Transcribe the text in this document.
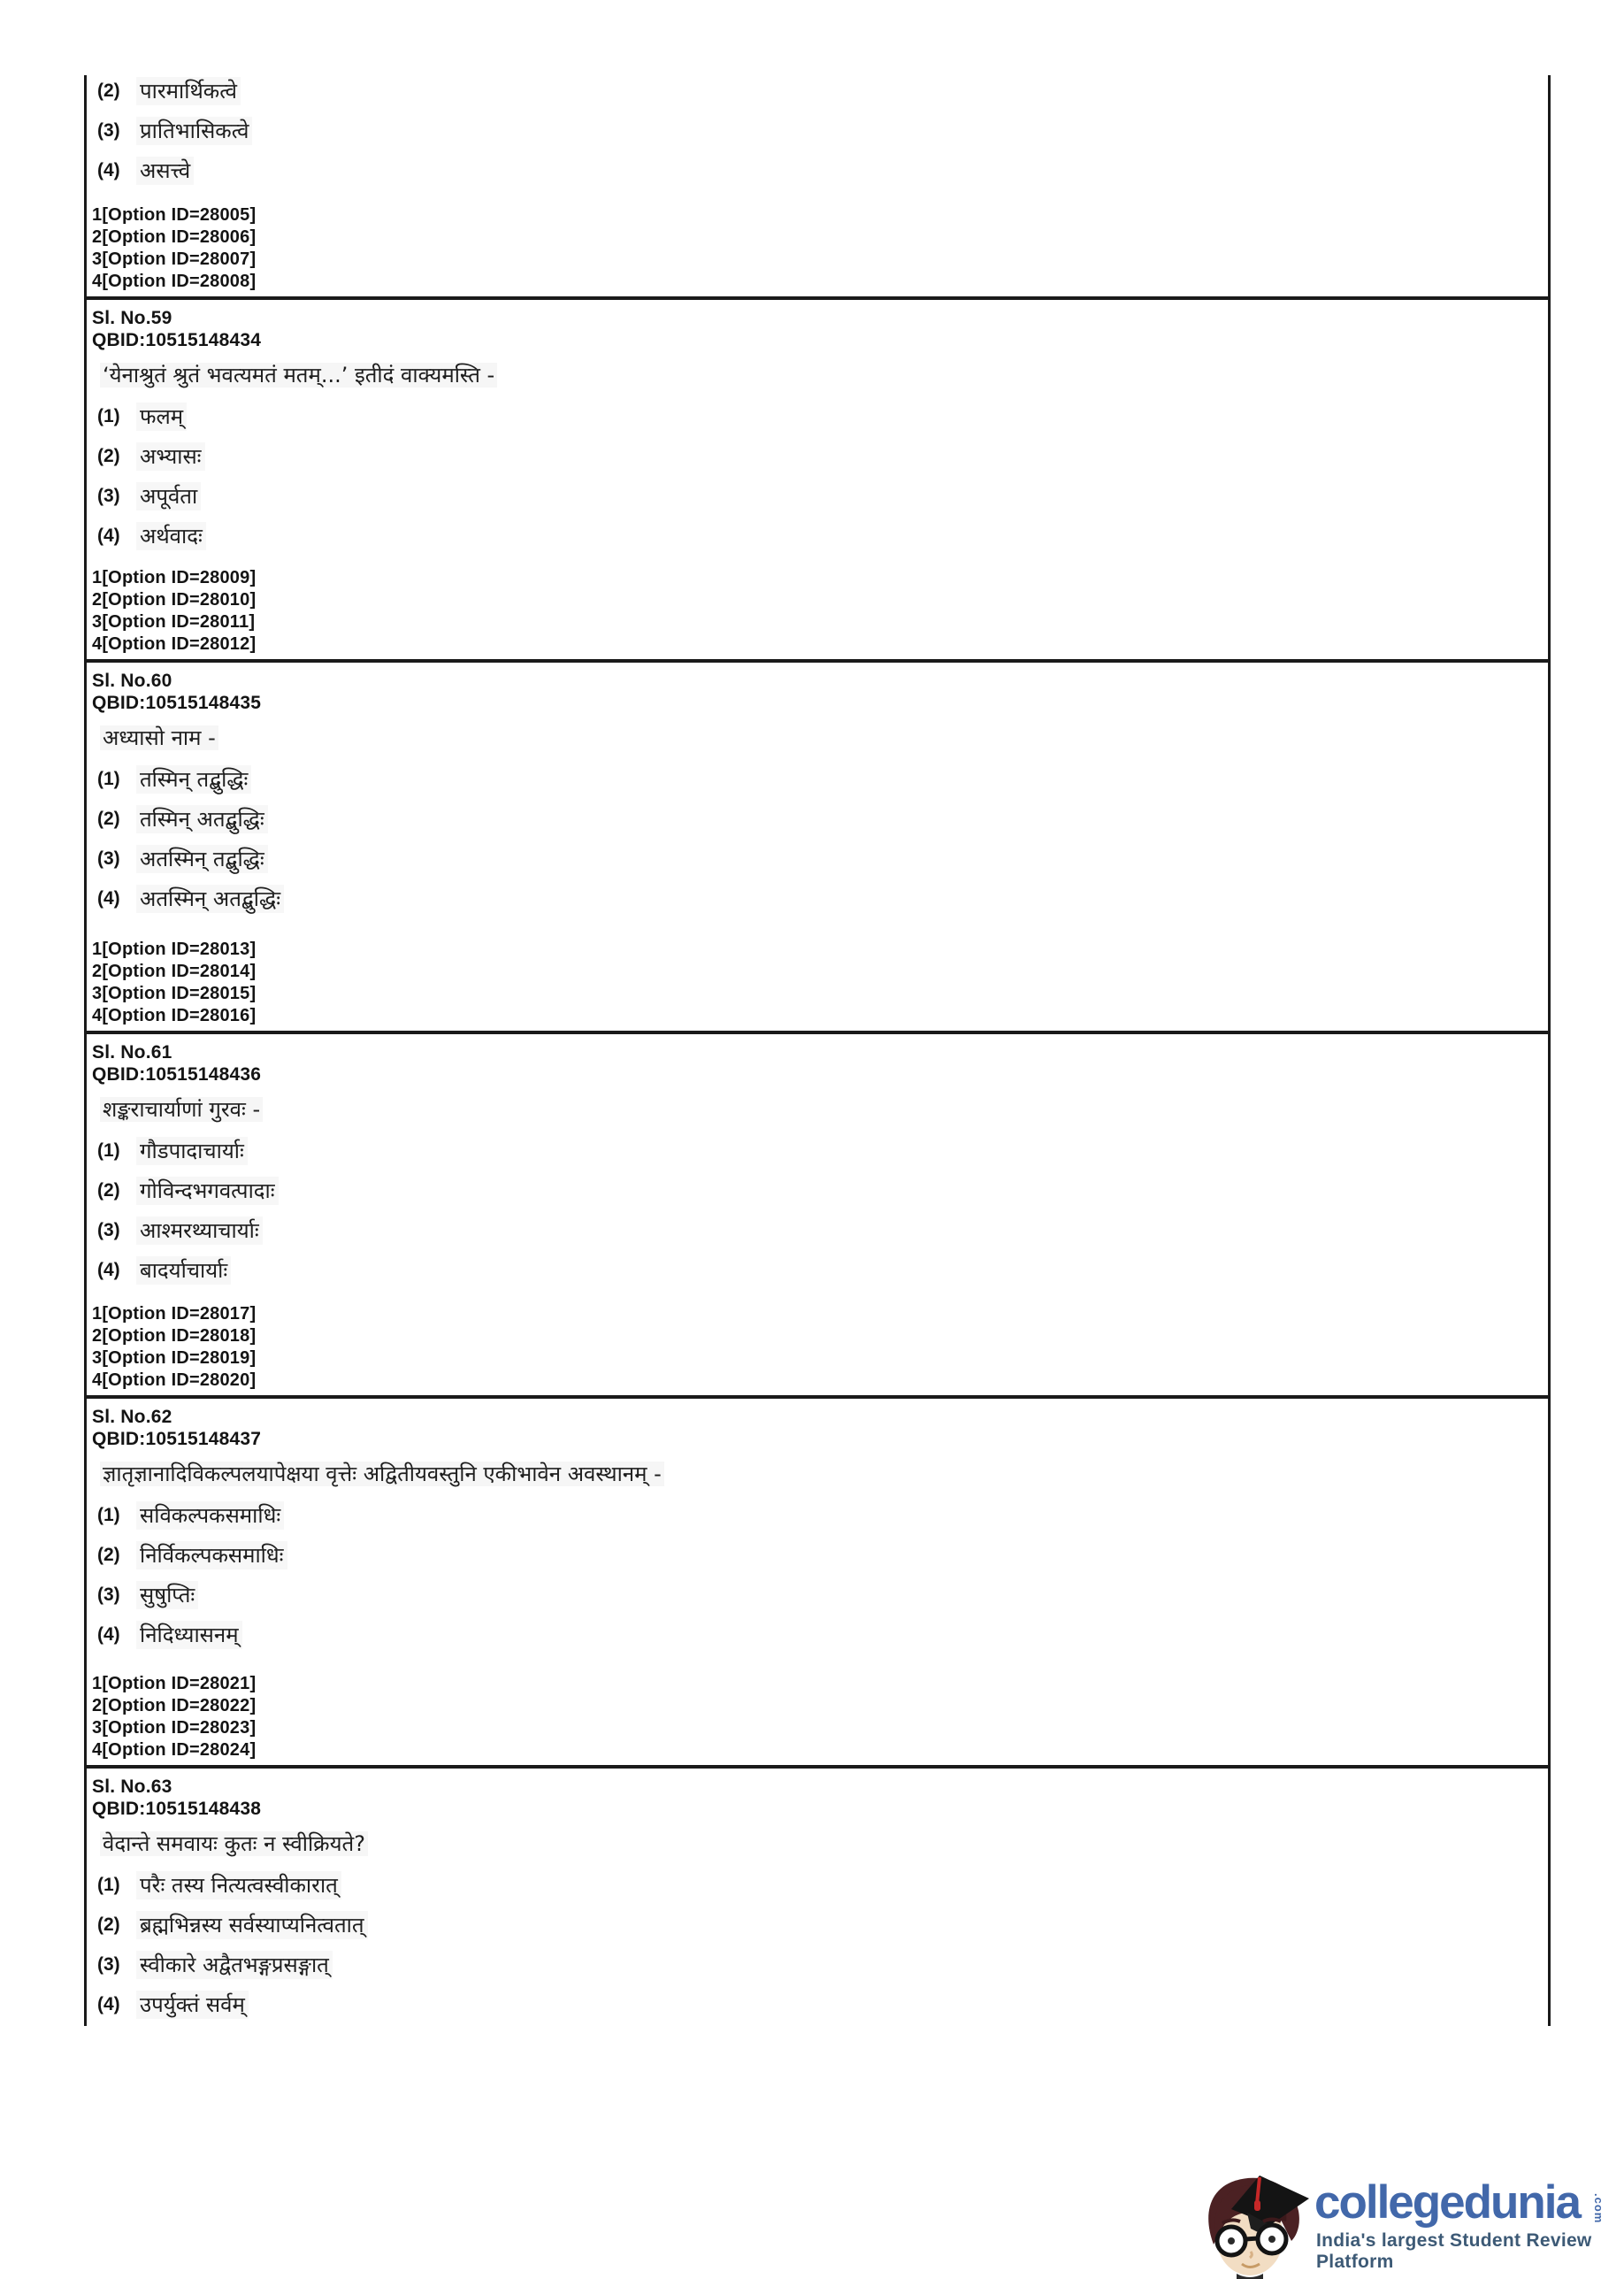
(2) पारमार्थिकत्वे
(3) प्रातिभासिकत्वे
(4) असत्त्वे
1[Option ID=28005]
2[Option ID=28006]
3[Option ID=28007]
4[Option ID=28008]
Sl. No.59
QBID:10515148434
‘येनाश्रुतं श्रुतं भवत्यमतं मतम्...’ इतीदं वाक्यमस्ति -
(1) फलम्
(2) अभ्यासः
(3) अपूर्वता
(4) अर्थवादः
1[Option ID=28009]
2[Option ID=28010]
3[Option ID=28011]
4[Option ID=28012]
Sl. No.60
QBID:10515148435
अध्यासो नाम -
(1) तस्मिन् तद्बुद्धिः
(2) तस्मिन् अतद्बुद्धिः
(3) अतस्मिन् तद्बुद्धिः
(4) अतस्मिन् अतद्बुद्धिः
1[Option ID=28013]
2[Option ID=28014]
3[Option ID=28015]
4[Option ID=28016]
Sl. No.61
QBID:10515148436
शङ्कराचार्याणां गुरवः -
(1) गौडपादाचार्याः
(2) गोविन्दभगवत्पादाः
(3) आश्मरथ्याचार्याः
(4) बादर्याचार्याः
1[Option ID=28017]
2[Option ID=28018]
3[Option ID=28019]
4[Option ID=28020]
Sl. No.62
QBID:10515148437
ज्ञातृज्ञानादिविकल्पलयापेक्षया वृत्तेः अद्वितीयवस्तुनि एकीभावेन अवस्थानम् -
(1) सविकल्पकसमाधिः
(2) निर्विकल्पकसमाधिः
(3) सुषुप्तिः
(4) निदिध्यासनम्
1[Option ID=28021]
2[Option ID=28022]
3[Option ID=28023]
4[Option ID=28024]
Sl. No.63
QBID:10515148438
वेदान्ते समवायः कुतः न स्वीक्रियते?
(1) परैः तस्य नित्यत्वस्वीकारात्
(2) ब्रह्मभिन्नस्य सर्वस्याप्यनित्वतात्
(3) स्वीकारे अद्वैतभङ्गप्रसङ्गात्
(4) उपर्युक्तं सर्वम्
collegedunia .com
India's largest Student Review Platform
